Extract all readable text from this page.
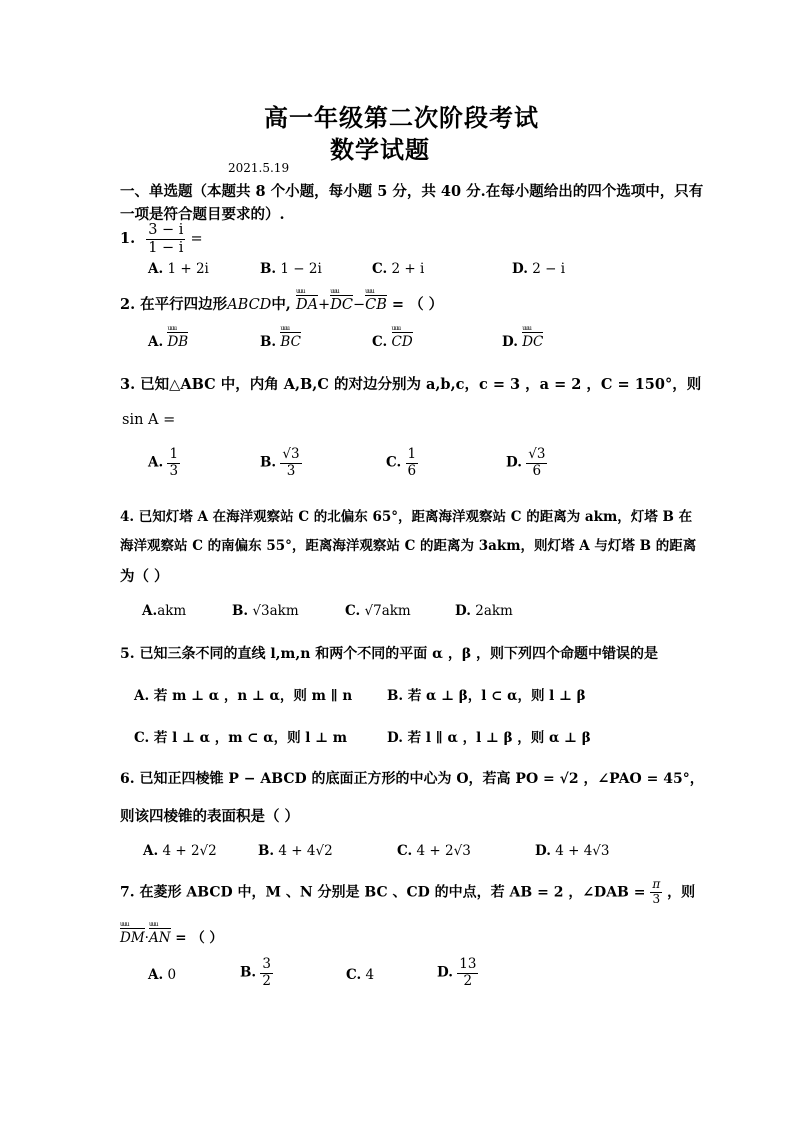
高一年级第二次阶段考试
数学试题
2021.5.19
一、单选题（本题共 8 个小题，每小题 5 分，共 40 分.在每小题给出的四个选项中，只有
一项是符合题目要求的）.
1. $\frac{3 - i}{1 - i}$ =
A. 1 + 2i	B. 1 − 2i	C. 2 + i	D. 2 − i
2. 在平行四边形ABCD中, DA uuu+DC uuu−CB uuu = （ ）
A. DB uuu	B. BC uuu	C. CD uuu	D. DC uuu
3. 已知△ABC 中，内角 A,B,C 的对边分别为 a,b,c，c = 3 ，a = 2 ，C = 150°，则
sin A =
A. $\frac{1}{3}$	B. $\frac{√3}{3}$	C. $\frac{1}{6}$	D. $\frac{√3}{6}$
4. 已知灯塔 A 在海洋观察站 C 的北偏东 65°，距离海洋观察站 C 的距离为 akm，灯塔 B 在
海洋观察站 C 的南偏东 55°，距离海洋观察站 C 的距离为 3akm，则灯塔 A 与灯塔 B 的距离
为（ ）
A.akm	B. √3akm	C. √7akm	D. 2akm
5. 已知三条不同的直线 l,m,n 和两个不同的平面 α ，β ，则下列四个命题中错误的是
A. 若 m ⊥ α ，n ⊥ α，则 m ∥ n	B. 若 α ⊥ β，l ⊂ α，则 l ⊥ β
C. 若 l ⊥ α ，m ⊂ α，则 l ⊥ m	D. 若 l ∥ α ，l ⊥ β ，则 α ⊥ β
6. 已知正四棱锥 P − ABCD 的底面正方形的中心为 O，若高 PO = √2 ，∠PAO = 45°，
则该四棱锥的表面积是（ ）
A. 4 + 2√2	B. 4 + 4√2	C. 4 + 2√3	D. 4 + 4√3
7. 在菱形 ABCD 中，M 、N 分别是 BC 、CD 的中点，若 AB = 2 ，∠DAB = $\frac{\pi}{3}$ ，则
DM uuu·AN uuu = （ ）
A. 0	B. $\frac{3}{2}$	C. 4	D. $\frac{13}{2}$
